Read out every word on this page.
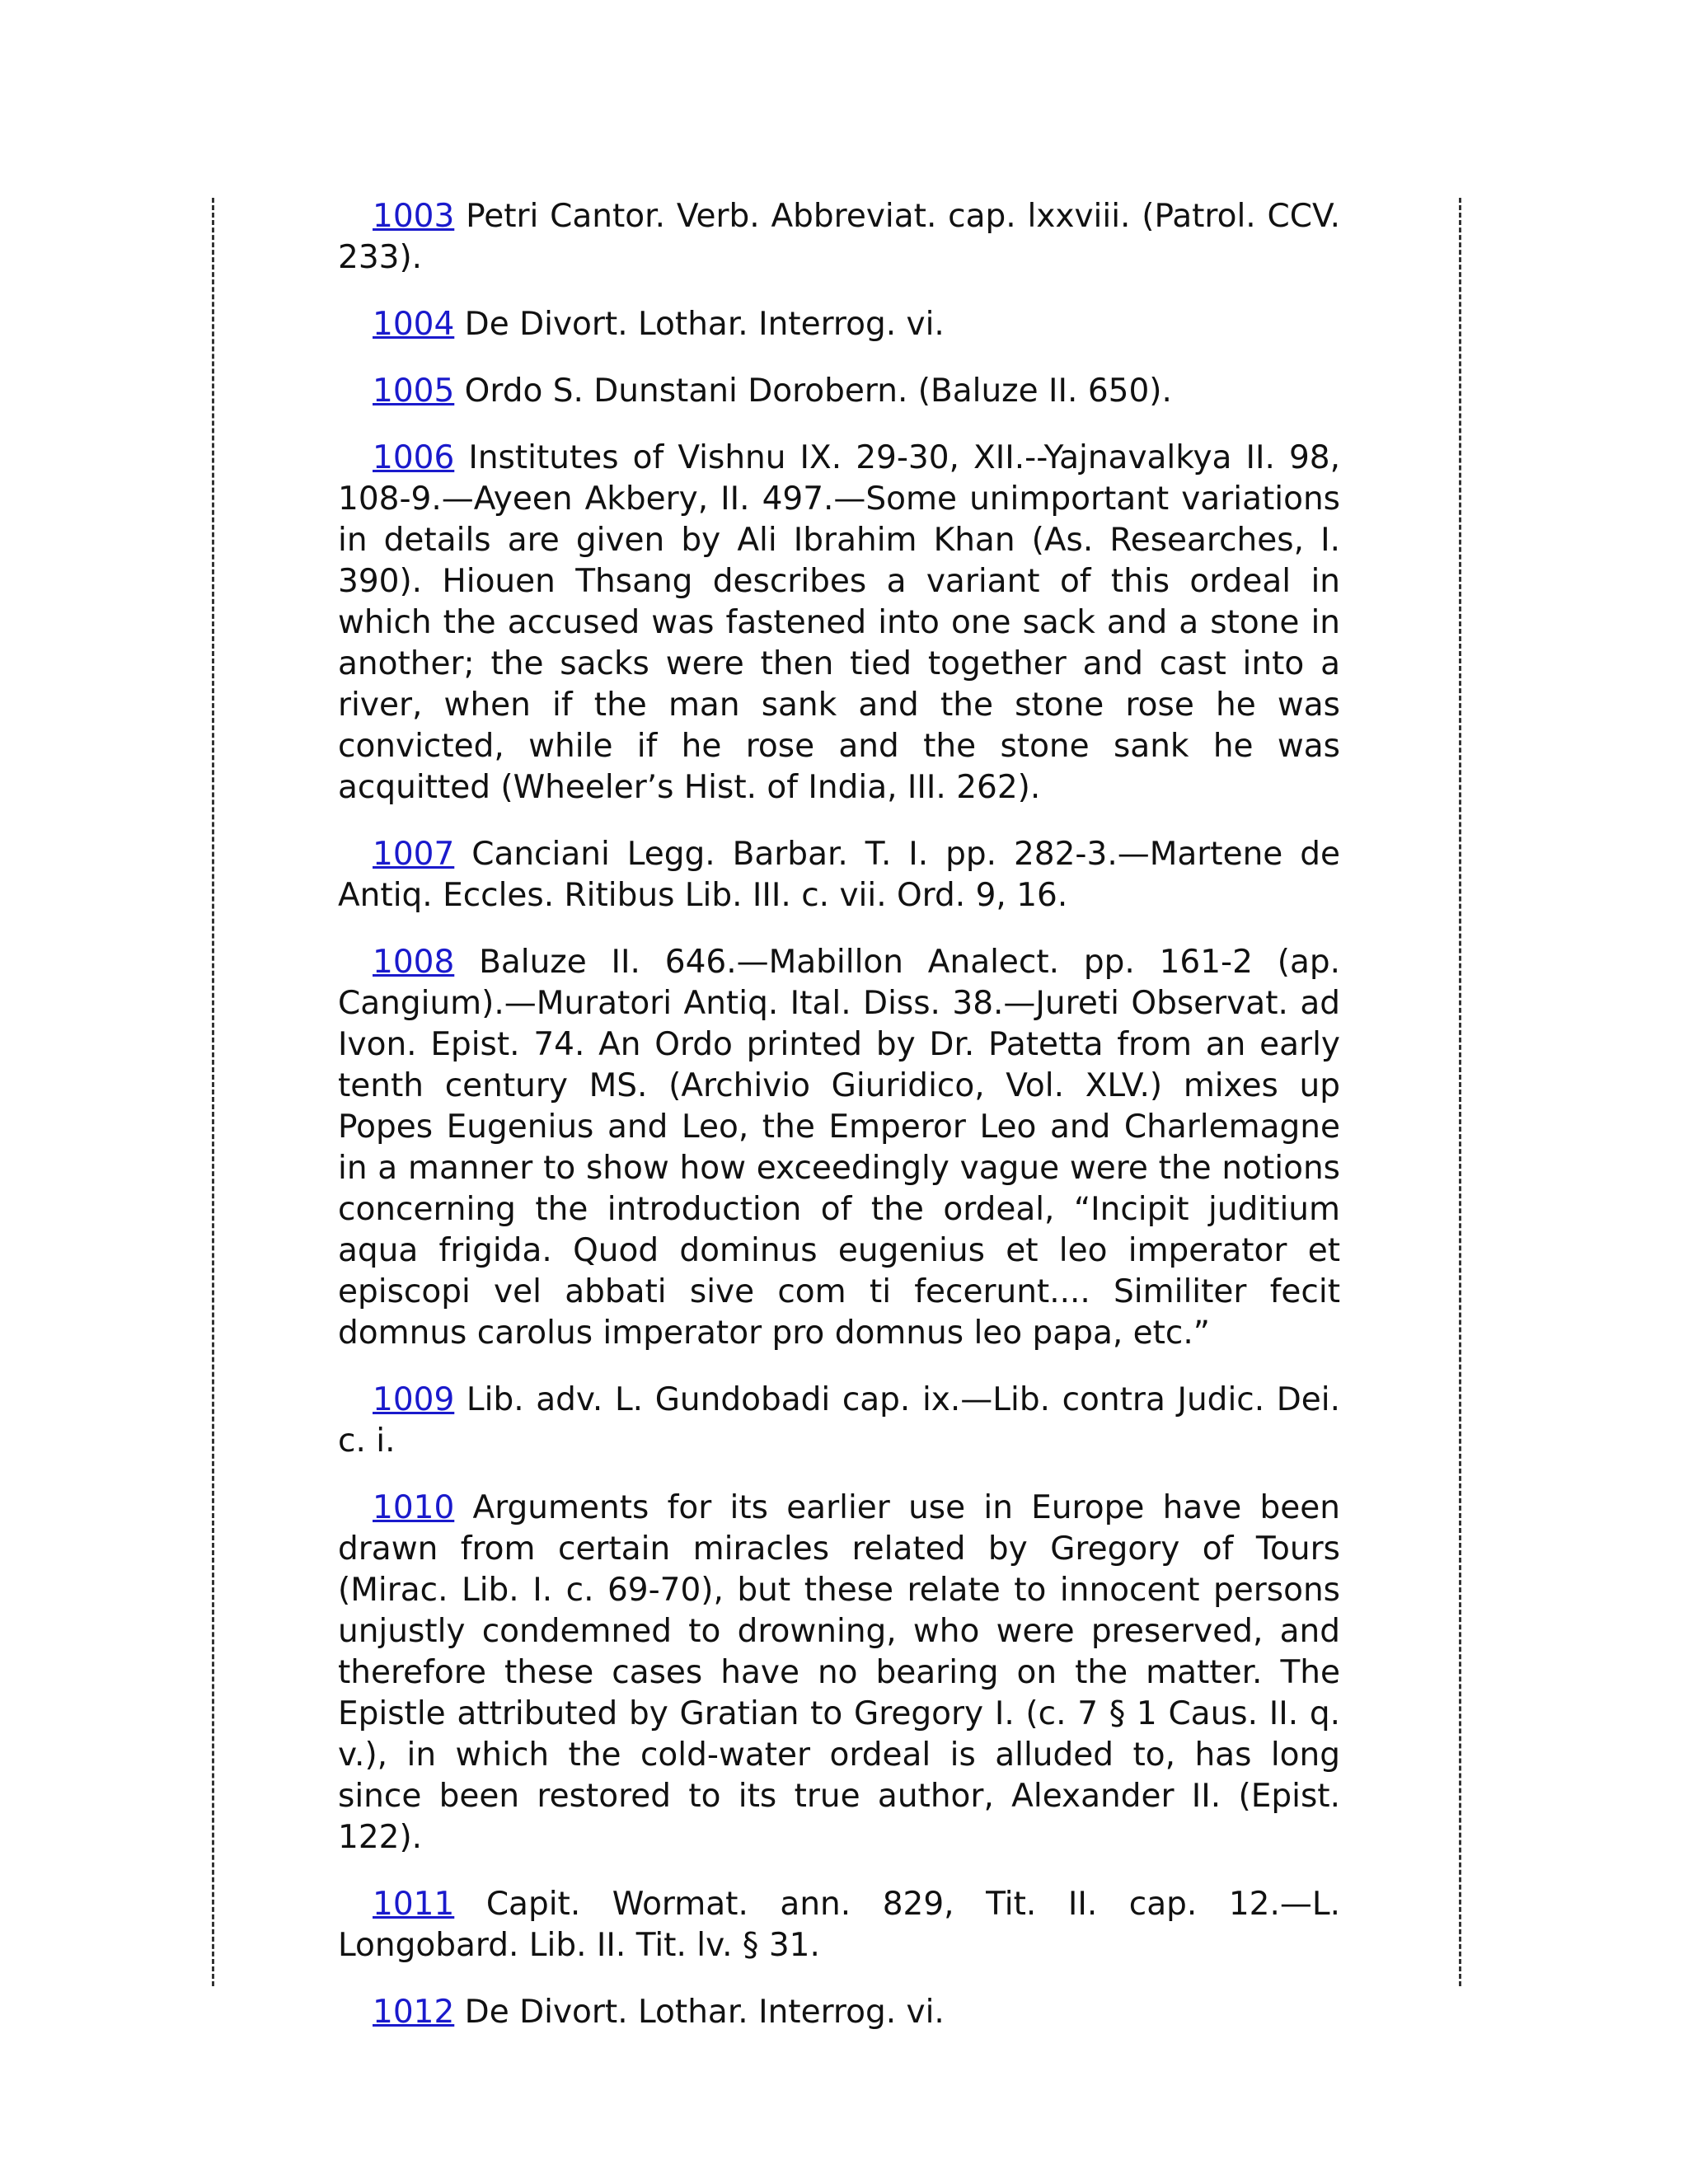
1003 Petri Cantor. Verb. Abbreviat. cap. lxxviii. (Patrol. CCV. 233).

1004 De Divort. Lothar. Interrog. vi.

1005 Ordo S. Dunstani Dorobern. (Baluze II. 650).

1006 Institutes of Vishnu IX. 29-30, XII.--Yajnavalkya II. 98, 108-9.—Ayeen Akbery, II. 497.—Some unimportant variations in details are given by Ali Ibrahim Khan (As. Researches, I. 390). Hiouen Thsang describes a variant of this ordeal in which the accused was fastened into one sack and a stone in another; the sacks were then tied together and cast into a river, when if the man sank and the stone rose he was convicted, while if he rose and the stone sank he was acquitted (Wheeler’s Hist. of India, III. 262).

1007 Canciani Legg. Barbar. T. I. pp. 282-3.—Martene de Antiq. Eccles. Ritibus Lib. III. c. vii. Ord. 9, 16.

1008 Baluze II. 646.—Mabillon Analect. pp. 161-2 (ap. Cangium).—Muratori Antiq. Ital. Diss. 38.—Jureti Observat. ad Ivon. Epist. 74. An Ordo printed by Dr. Patetta from an early tenth century MS. (Archivio Giuridico, Vol. XLV.) mixes up Popes Eugenius and Leo, the Emperor Leo and Charlemagne in a manner to show how exceedingly vague were the notions concerning the introduction of the ordeal, “Incipit juditium aqua frigida. Quod dominus eugenius et leo imperator et episcopi vel abbati sive com ti fecerunt.... Similiter fecit domnus carolus imperator pro domnus leo papa, etc.”

1009 Lib. adv. L. Gundobadi cap. ix.—Lib. contra Judic. Dei. c. i.

1010 Arguments for its earlier use in Europe have been drawn from certain miracles related by Gregory of Tours (Mirac. Lib. I. c. 69-70), but these relate to innocent persons unjustly condemned to drowning, who were preserved, and therefore these cases have no bearing on the matter. The Epistle attributed by Gratian to Gregory I. (c. 7 § 1 Caus. II. q. v.), in which the cold-water ordeal is alluded to, has long since been restored to its true author, Alexander II. (Epist. 122).

1011 Capit. Wormat. ann. 829, Tit. II. cap. 12.—L. Longobard. Lib. II. Tit. lv. § 31.

1012 De Divort. Lothar. Interrog. vi.
